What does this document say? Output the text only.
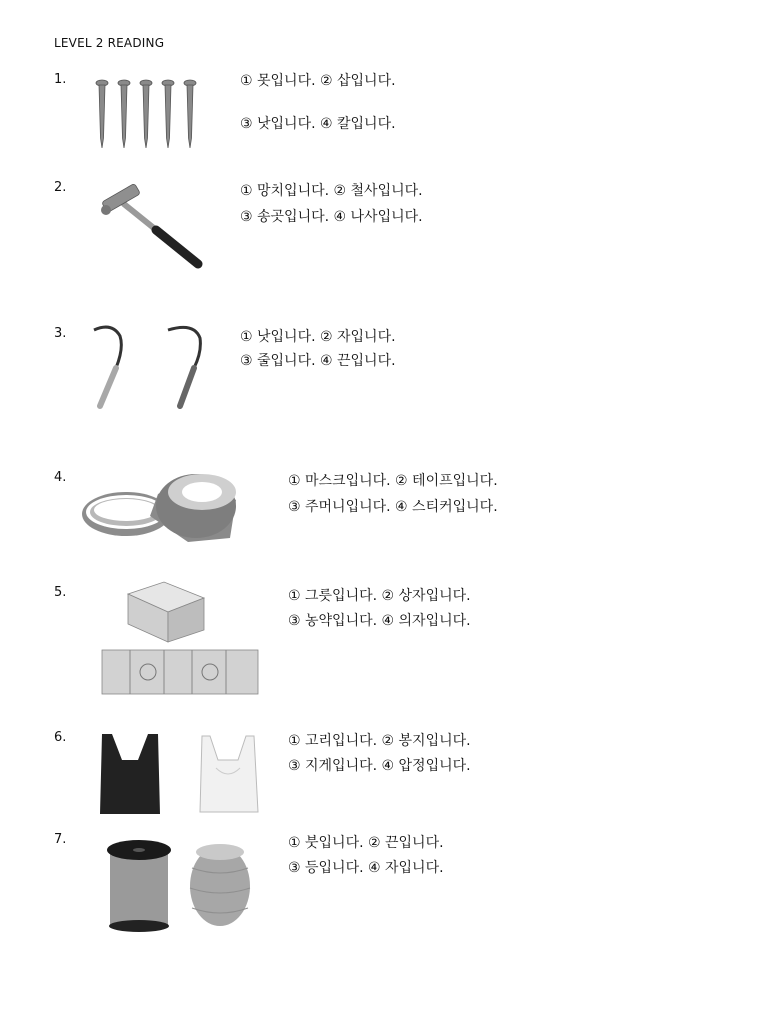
LEVEL 2 READING
1.	① 못입니다. ② 삽입니다.
③ 낫입니다. ④ 칼입니다.
2.	① 망치입니다. ② 철사입니다.
③ 송곳입니다. ④ 나사입니다.
3.	① 낫입니다. ② 자입니다.
③ 줄입니다. ④ 끈입니다.
4.	① 마스크입니다. ② 테이프입니다.
③ 주머니입니다. ④ 스티커입니다.
5.	① 그릇입니다. ② 상자입니다.
③ 농약입니다. ④ 의자입니다.
6.	① 고리입니다. ② 봉지입니다.
③ 지게입니다. ④ 압정입니다.
7.	① 붓입니다. ② 끈입니다.
③ 등입니다. ④ 자입니다.
